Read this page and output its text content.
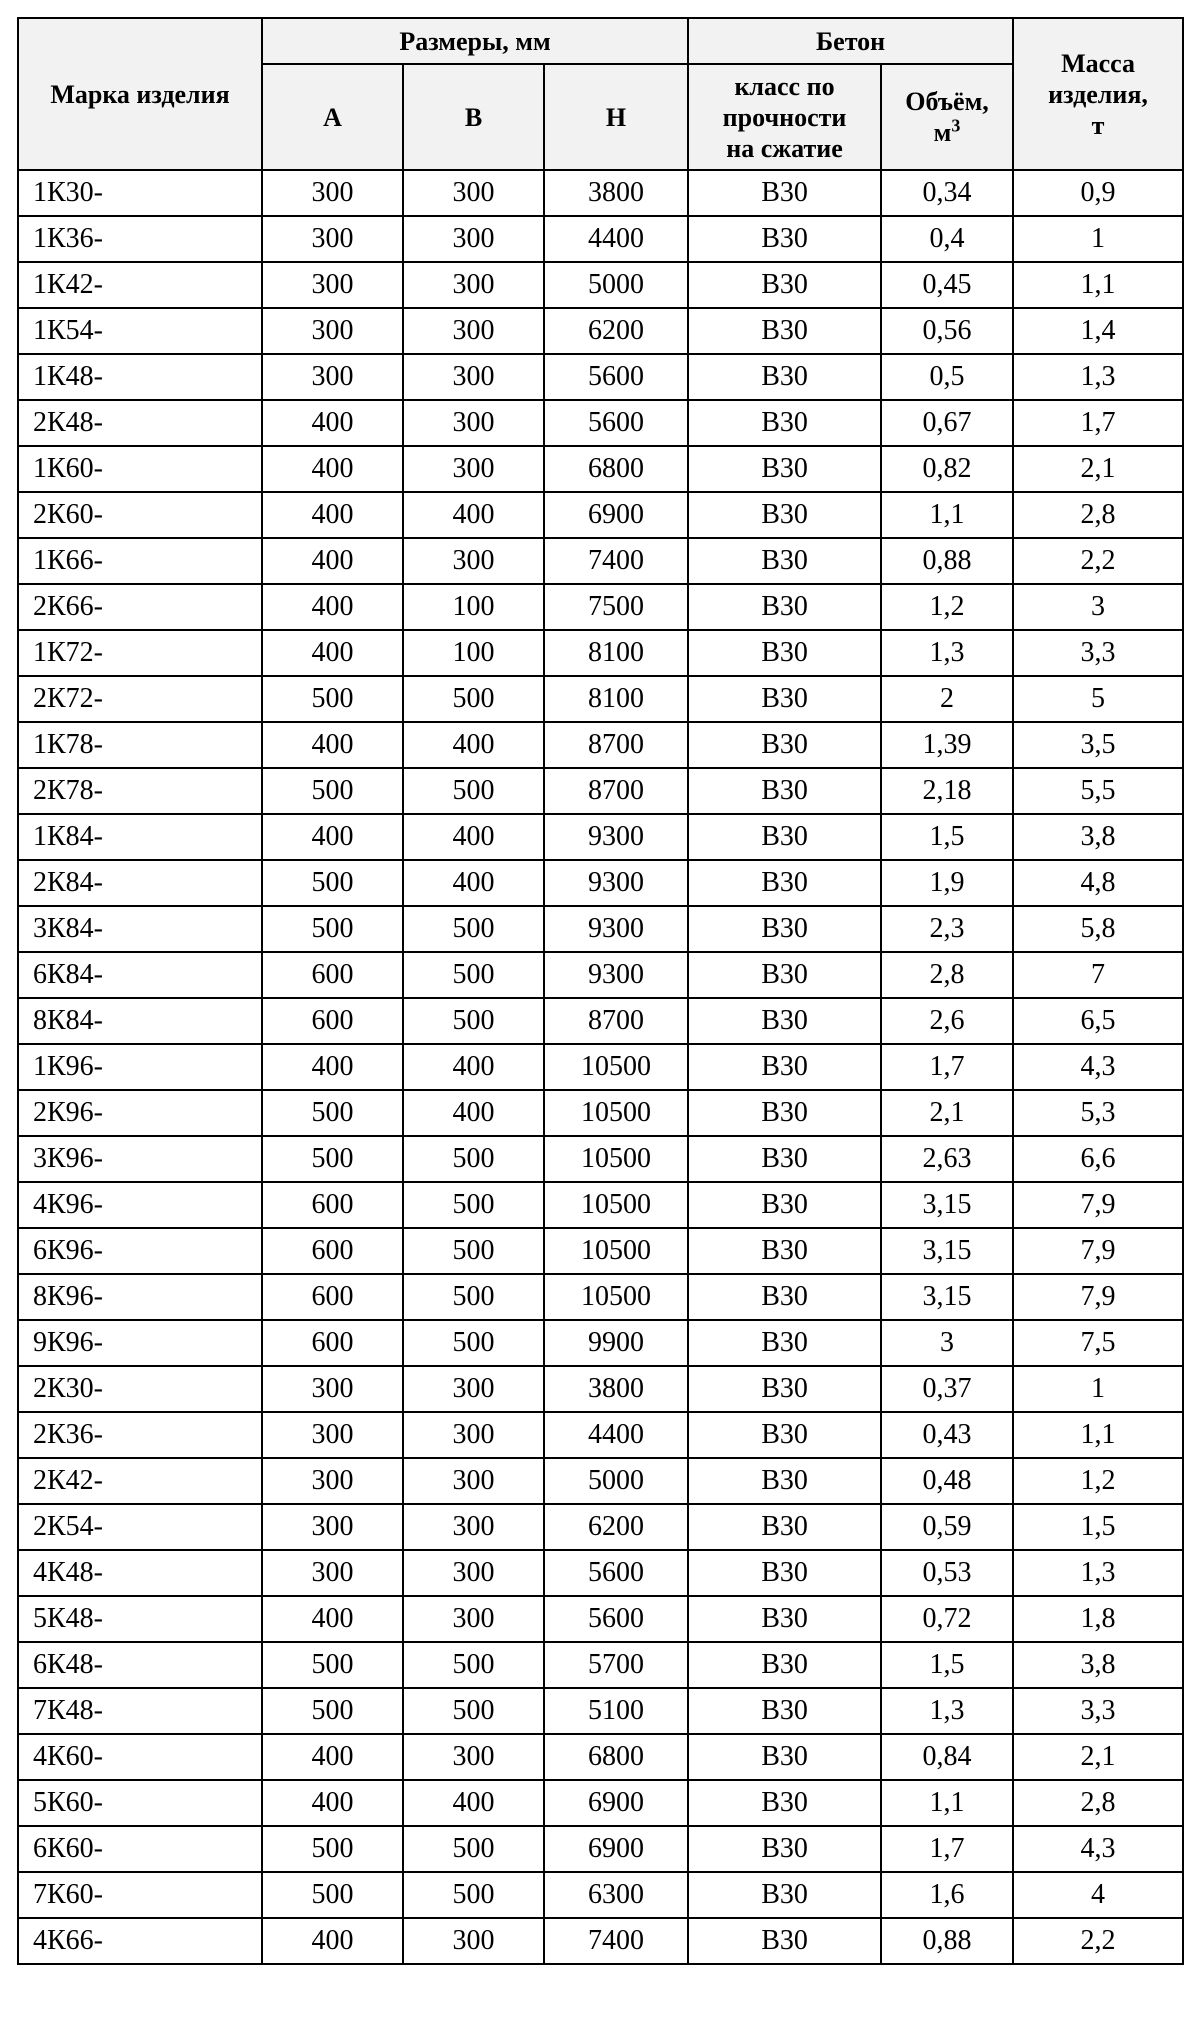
Марка изделия	Размеры, мм			Бетон		Масса
изделия,
т
	А	В	Н	класс по
прочности
на сжатие	Объём,
$м^3$
1К30-	300	300	3800	В30	0,34	0,9
1К36-	300	300	4400	В30	0,4	1
1К42-	300	300	5000	В30	0,45	1,1
1К54-	300	300	6200	В30	0,56	1,4
1К48-	300	300	5600	В30	0,5	1,3
2К48-	400	300	5600	В30	0,67	1,7
1К60-	400	300	6800	В30	0,82	2,1
2К60-	400	400	6900	В30	1,1	2,8
1К66-	400	300	7400	В30	0,88	2,2
2К66-	400	100	7500	В30	1,2	3
1К72-	400	100	8100	В30	1,3	3,3
2К72-	500	500	8100	В30	2	5
1К78-	400	400	8700	В30	1,39	3,5
2К78-	500	500	8700	В30	2,18	5,5
1К84-	400	400	9300	В30	1,5	3,8
2К84-	500	400	9300	В30	1,9	4,8
3К84-	500	500	9300	В30	2,3	5,8
6К84-	600	500	9300	В30	2,8	7
8К84-	600	500	8700	В30	2,6	6,5
1К96-	400	400	10500	В30	1,7	4,3
2К96-	500	400	10500	В30	2,1	5,3
3К96-	500	500	10500	В30	2,63	6,6
4К96-	600	500	10500	В30	3,15	7,9
6К96-	600	500	10500	В30	3,15	7,9
8К96-	600	500	10500	В30	3,15	7,9
9К96-	600	500	9900	В30	3	7,5
2К30-	300	300	3800	В30	0,37	1
2К36-	300	300	4400	В30	0,43	1,1
2К42-	300	300	5000	В30	0,48	1,2
2К54-	300	300	6200	В30	0,59	1,5
4К48-	300	300	5600	В30	0,53	1,3
5К48-	400	300	5600	В30	0,72	1,8
6К48-	500	500	5700	В30	1,5	3,8
7К48-	500	500	5100	В30	1,3	3,3
4К60-	400	300	6800	В30	0,84	2,1
5К60-	400	400	6900	В30	1,1	2,8
6К60-	500	500	6900	В30	1,7	4,3
7К60-	500	500	6300	В30	1,6	4
4К66-	400	300	7400	В30	0,88	2,2
